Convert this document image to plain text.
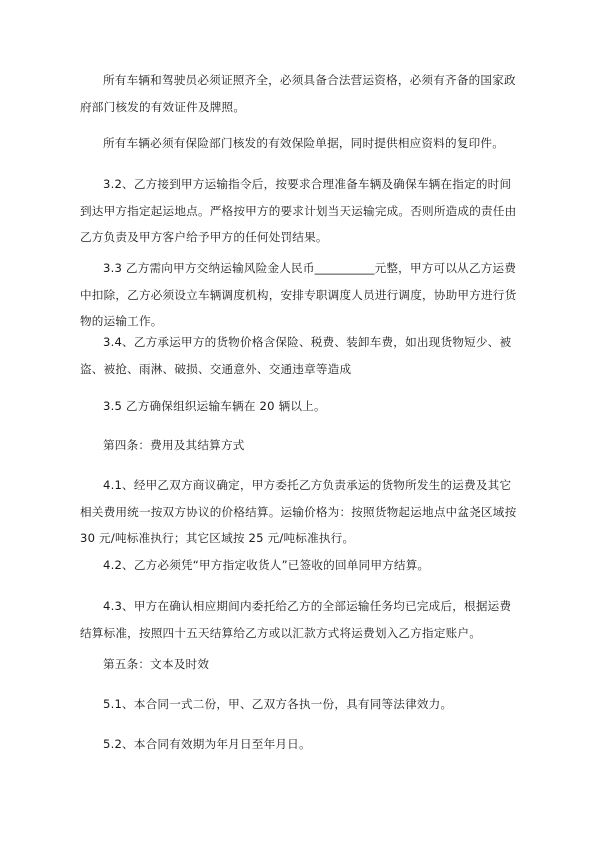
所有车辆和驾驶员必须证照齐全，必须具备合法营运资格，必须有齐备的国家政府部门核发的有效证件及牌照。

所有车辆必须有保险部门核发的有效保险单据，同时提供相应资料的复印件。

3.2、乙方接到甲方运输指令后，按要求合理准备车辆及确保车辆在指定的时间到达甲方指定起运地点。严格按甲方的要求计划当天运输完成。否则所造成的责任由乙方负责及甲方客户给予甲方的任何处罚结果。

3.3 乙方需向甲方交纳运输风险金人民币__________元整，甲方可以从乙方运费中扣除，乙方必须设立车辆调度机构，安排专职调度人员进行调度，协助甲方进行货物的运输工作。

3.4、乙方承运甲方的货物价格含保险、税费、装卸车费，如出现货物短少、被盗、被抢、雨淋、破损、交通意外、交通违章等造成

3.5 乙方确保组织运输车辆在 20 辆以上。

第四条：费用及其结算方式

4.1、经甲乙双方商议确定，甲方委托乙方负责承运的货物所发生的运费及其它相关费用统一按双方协议的价格结算。运输价格为：按照货物起运地点中盆尧区域按 30 元/吨标准执行；其它区域按 25 元/吨标准执行。

4.2、乙方必须凭“甲方指定收货人”已签收的回单同甲方结算。

4.3、甲方在确认相应期间内委托给乙方的全部运输任务均已完成后，根据运费结算标准，按照四十五天结算给乙方或以汇款方式将运费划入乙方指定账户。

第五条：文本及时效

5.1、本合同一式二份，甲、乙双方各执一份，具有同等法律效力。

5.2、本合同有效期为年月日至年月日。
